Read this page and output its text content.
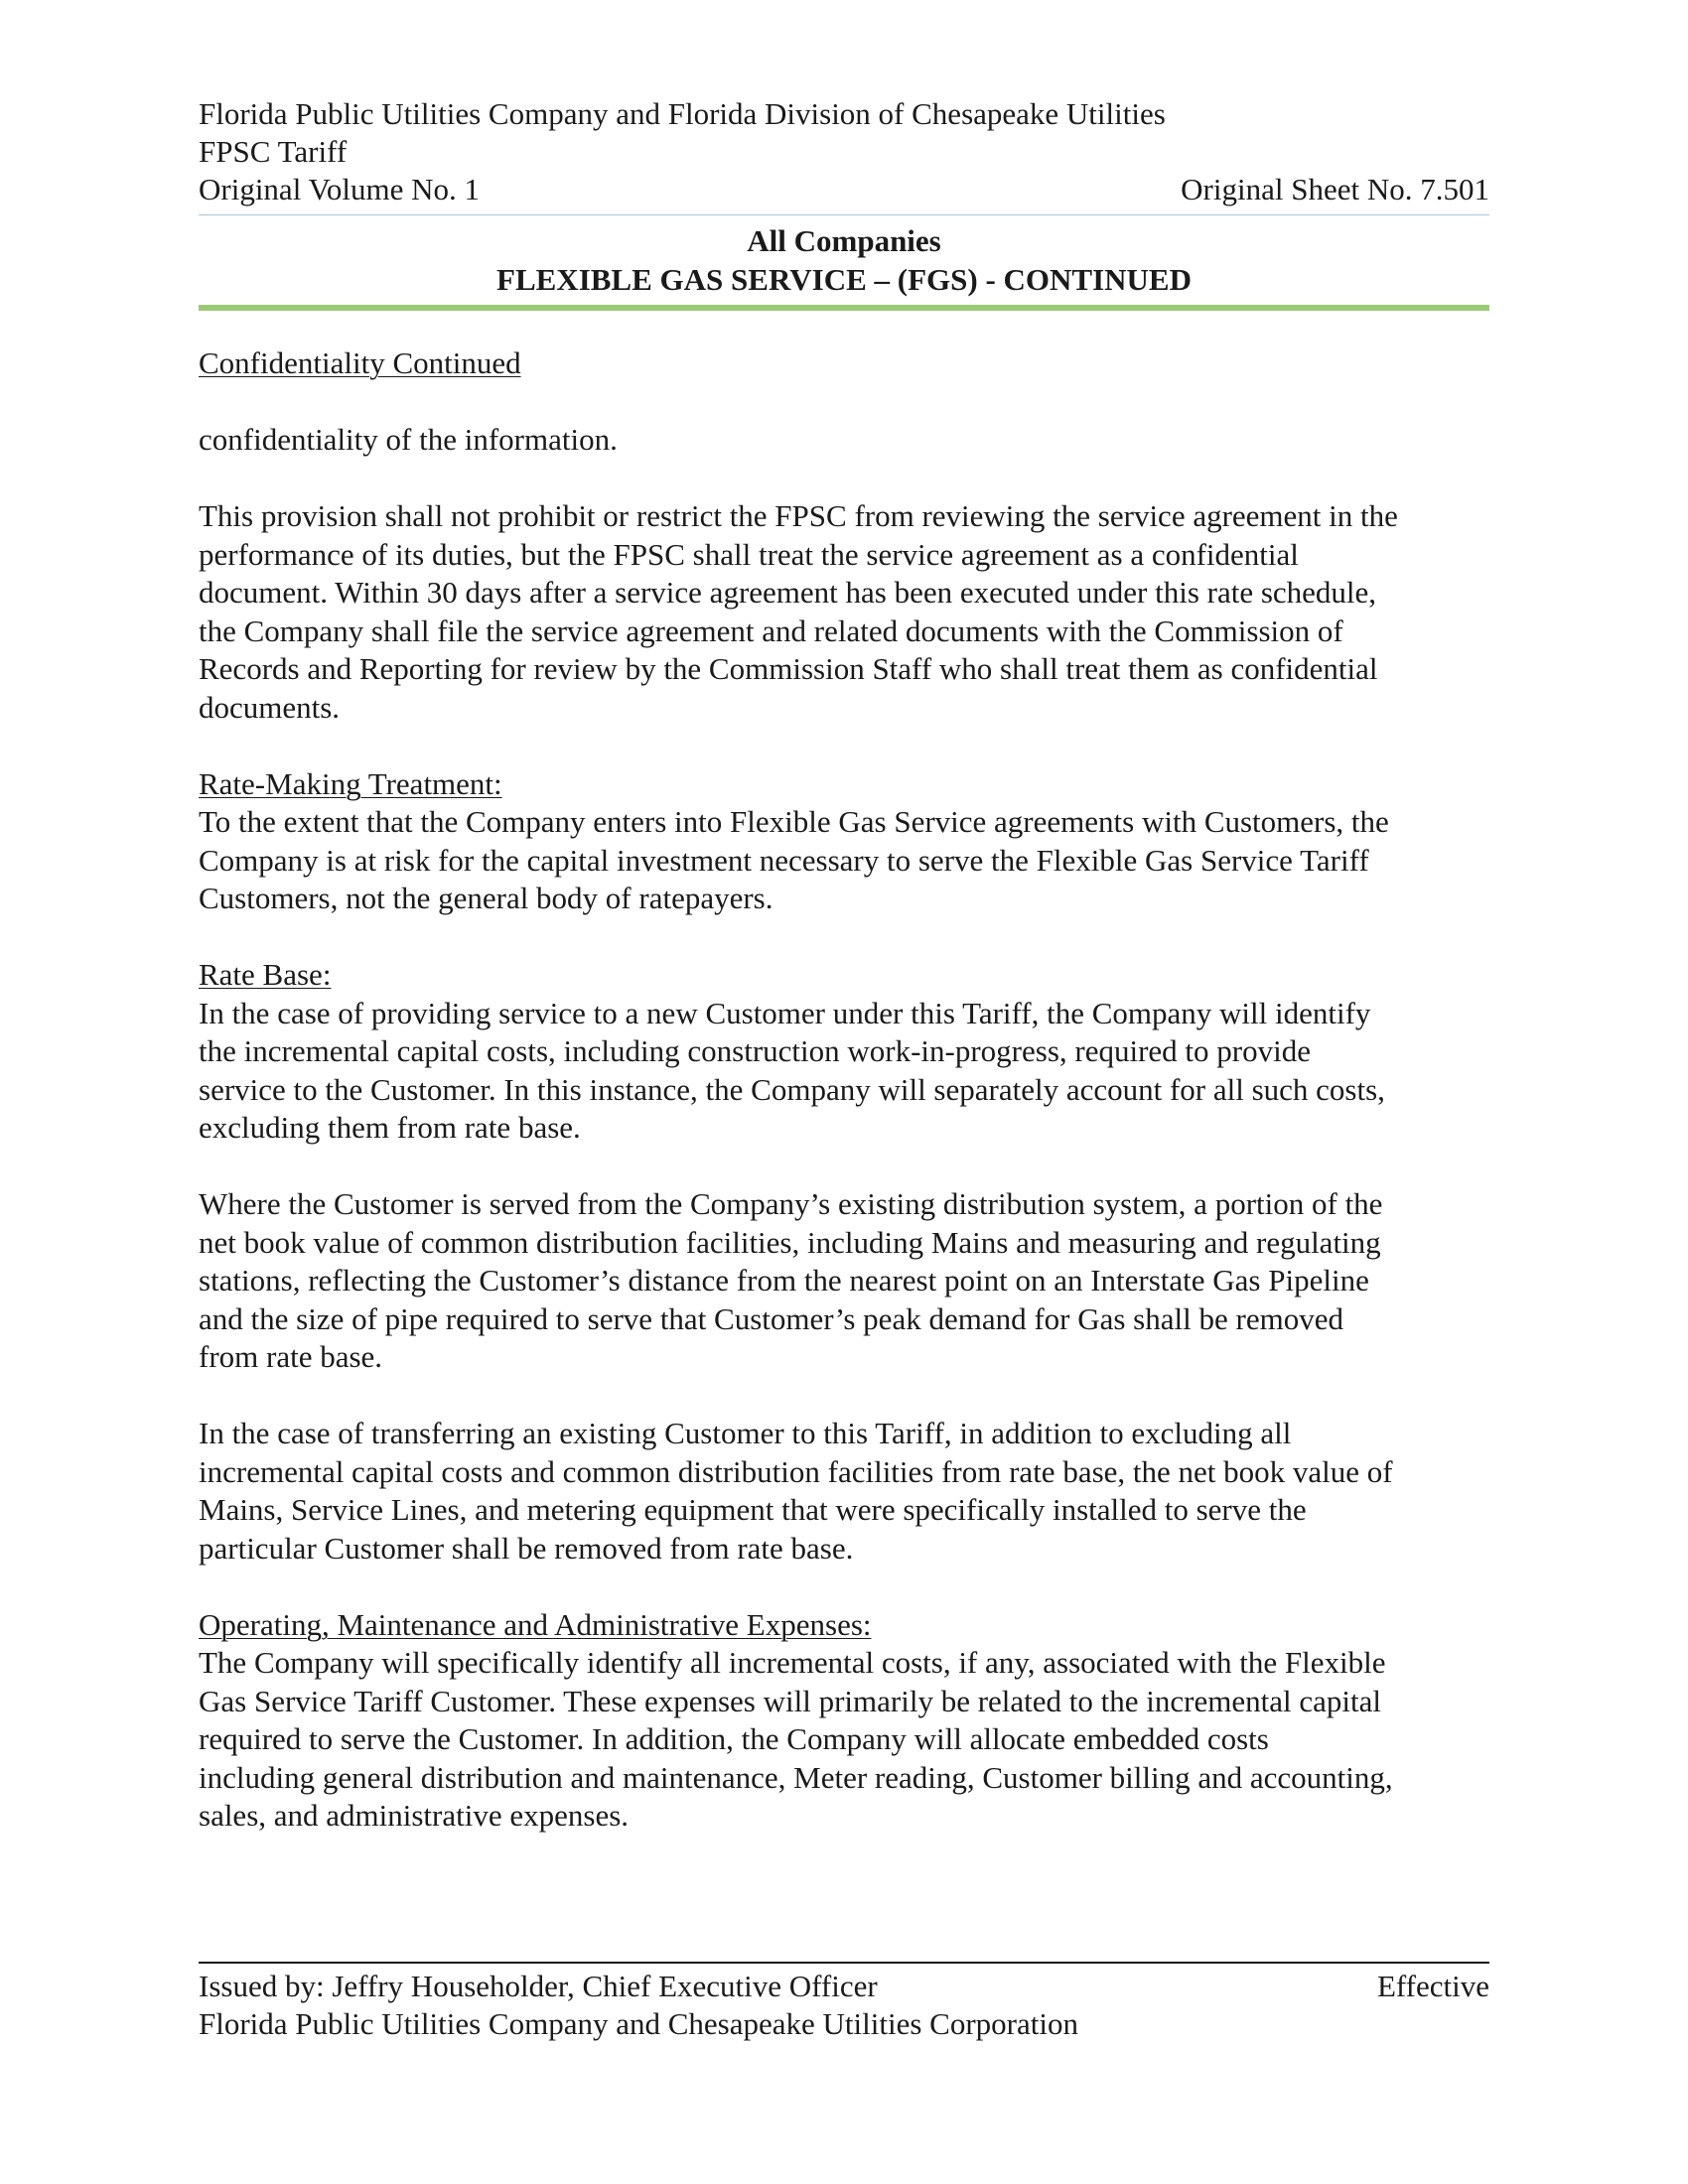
Florida Public Utilities Company and Florida Division of Chesapeake Utilities
FPSC Tariff
Original Volume No. 1	Original Sheet No. 7.501
All Companies
FLEXIBLE GAS SERVICE – (FGS) - CONTINUED
Confidentiality Continued

confidentiality of the information.

This provision shall not prohibit or restrict the FPSC from reviewing the service agreement in the
performance of its duties, but the FPSC shall treat the service agreement as a confidential
document. Within 30 days after a service agreement has been executed under this rate schedule,
the Company shall file the service agreement and related documents with the Commission of
Records and Reporting for review by the Commission Staff who shall treat them as confidential
documents.

Rate-Making Treatment:

To the extent that the Company enters into Flexible Gas Service agreements with Customers, the
Company is at risk for the capital investment necessary to serve the Flexible Gas Service Tariff
Customers, not the general body of ratepayers.

Rate Base:

In the case of providing service to a new Customer under this Tariff, the Company will identify
the incremental capital costs, including construction work-in-progress, required to provide
service to the Customer. In this instance, the Company will separately account for all such costs,
excluding them from rate base.

Where the Customer is served from the Company’s existing distribution system, a portion of the
net book value of common distribution facilities, including Mains and measuring and regulating
stations, reflecting the Customer’s distance from the nearest point on an Interstate Gas Pipeline
and the size of pipe required to serve that Customer’s peak demand for Gas shall be removed
from rate base.

In the case of transferring an existing Customer to this Tariff, in addition to excluding all
incremental capital costs and common distribution facilities from rate base, the net book value of
Mains, Service Lines, and metering equipment that were specifically installed to serve the
particular Customer shall be removed from rate base.

Operating, Maintenance and Administrative Expenses:

The Company will specifically identify all incremental costs, if any, associated with the Flexible
Gas Service Tariff Customer. These expenses will primarily be related to the incremental capital
required to serve the Customer. In addition, the Company will allocate embedded costs
including general distribution and maintenance, Meter reading, Customer billing and accounting,
sales, and administrative expenses.

Issued by: Jeffry Householder, Chief Executive Officer	Effective
Florida Public Utilities Company and Chesapeake Utilities Corporation
